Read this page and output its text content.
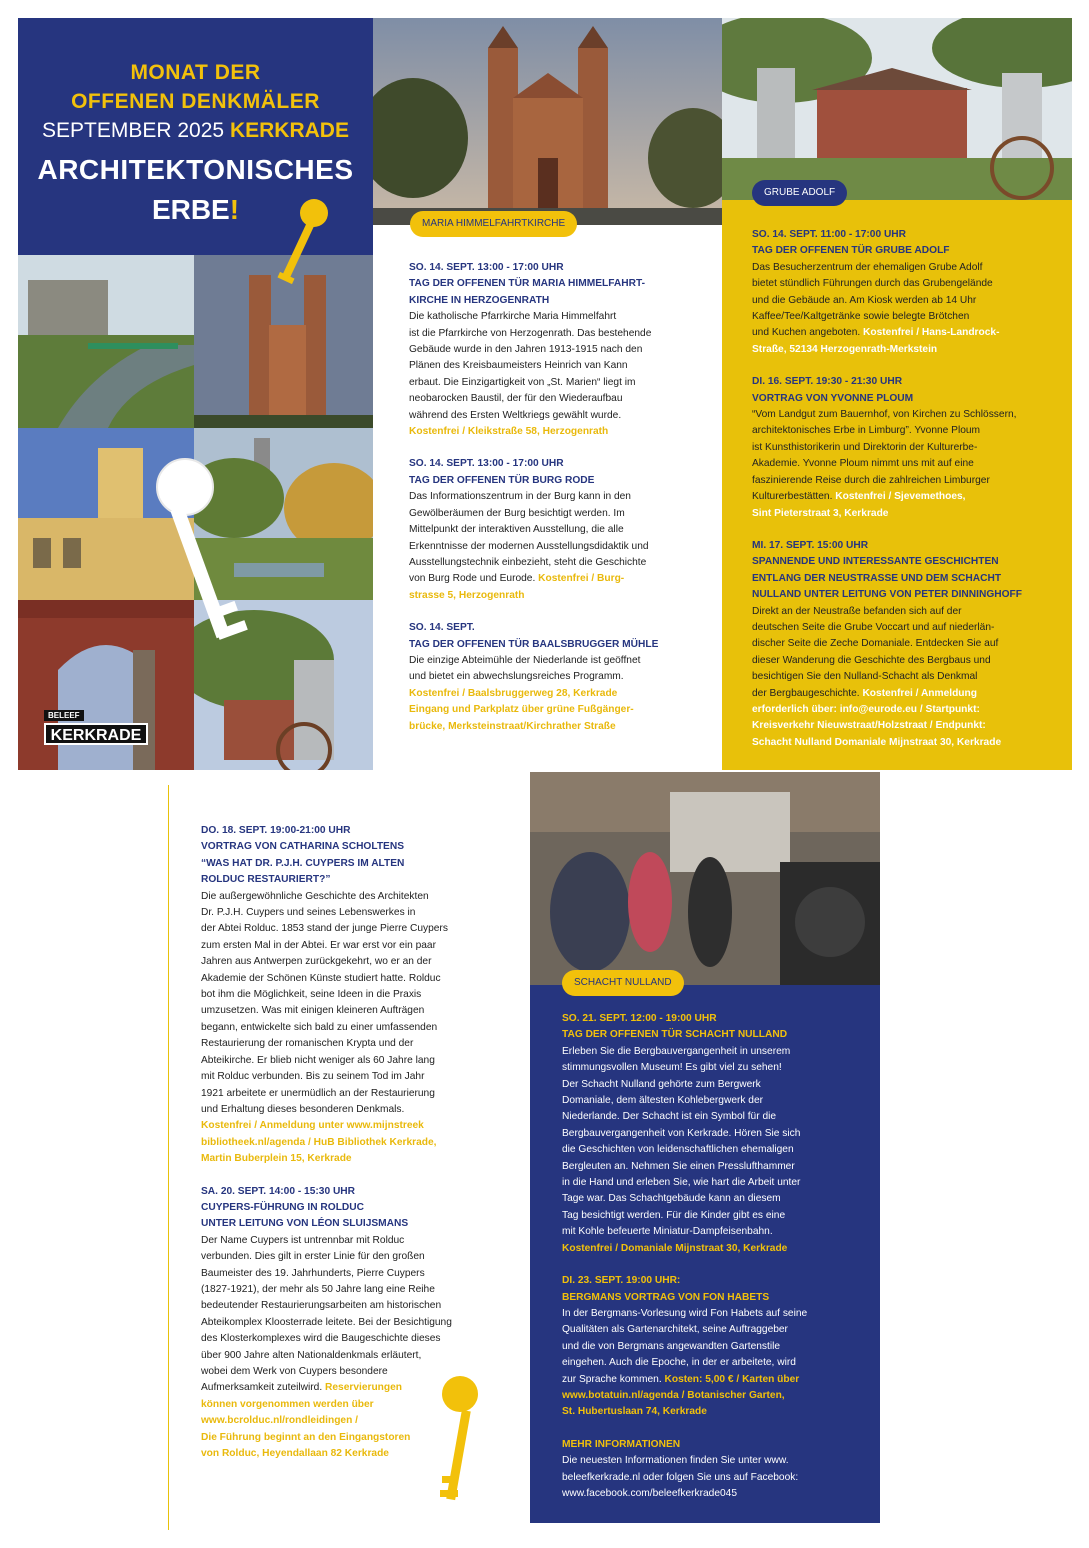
MONAT DER
OFFENEN DENKMÄLER
SEPTEMBER 2025 KERKRADE
ARCHITEKTONISCHES
ERBE!
BELEEF
KERKRADE
MARIA HIMMELFAHRTKIRCHE

SO. 14. SEPT. 13:00 - 17:00 UHR

TAG DER OFFENEN TÜR MARIA HIMMELFAHRT-

KIRCHE IN HERZOGENRATH

Die katholische Pfarrkirche Maria Himmelfahrt

ist die Pfarrkirche von Herzogenrath. Das bestehende

Gebäude wurde in den Jahren 1913-1915 nach den

Plänen des Kreisbaumeisters Heinrich van Kann

erbaut. Die Einzigartigkeit von „St. Marien“ liegt im

neobarocken Baustil, der für den Wiederaufbau

während des Ersten Weltkriegs gewählt wurde.

Kostenfrei / Kleikstraße 58, Herzogenrath

SO. 14. SEPT. 13:00 - 17:00 UHR

TAG DER OFFENEN TÜR BURG RODE

Das Informationszentrum in der Burg kann in den

Gewölberäumen der Burg besichtigt werden. Im

Mittelpunkt der interaktiven Ausstellung, die alle

Erkenntnisse der modernen Ausstellungsdidaktik und

Ausstellungstechnik einbezieht, steht die Geschichte

von Burg Rode und Eurode. Kostenfrei / Burg-

strasse 5, Herzogenrath

SO. 14. SEPT.

TAG DER OFFENEN TÜR BAALSBRUGGER MÜHLE

Die einzige Abteimühle der Niederlande ist geöffnet

und bietet ein abwechslungsreiches Programm.

Kostenfrei / Baalsbruggerweg 28, Kerkrade

Eingang und Parkplatz über grüne Fußgänger-

brücke, Merksteinstraat/Kirchrather Straße

GRUBE ADOLF

SO. 14. SEPT. 11:00 - 17:00 UHR

TAG DER OFFENEN TÜR GRUBE ADOLF

Das Besucherzentrum der ehemaligen Grube Adolf

bietet stündlich Führungen durch das Grubengelände

und die Gebäude an. Am Kiosk werden ab 14 Uhr

Kaffee/Tee/Kaltgetränke sowie belegte Brötchen

und Kuchen angeboten. Kostenfrei / Hans-Landrock-

Straße, 52134 Herzogenrath-Merkstein

DI. 16. SEPT. 19:30 - 21:30 UHR

VORTRAG VON YVONNE PLOUM

“Vom Landgut zum Bauernhof, von Kirchen zu Schlössern,

architektonisches Erbe in Limburg”. Yvonne Ploum

ist Kunsthistorikerin und Direktorin der Kulturerbe-

Akademie. Yvonne Ploum nimmt uns mit auf eine

faszinierende Reise durch die zahlreichen Limburger

Kulturerbestätten. Kostenfrei / Sjevemethoes,

Sint Pieterstraat 3, Kerkrade

MI. 17. SEPT. 15:00 UHR

SPANNENDE UND INTERESSANTE GESCHICHTEN

ENTLANG DER NEUSTRASSE UND DEM SCHACHT

NULLAND UNTER LEITUNG VON PETER DINNINGHOFF

Direkt an der Neustraße befanden sich auf der

deutschen Seite die Grube Voccart und auf niederlän-

discher Seite die Zeche Domaniale. Entdecken Sie auf

dieser Wanderung die Geschichte des Bergbaus und

besichtigen Sie den Nulland-Schacht als Denkmal

der Bergbaugeschichte. Kostenfrei / Anmeldung

erforderlich über: info@eurode.eu / Startpunkt:

Kreisverkehr Nieuwstraat/Holzstraat / Endpunkt:

Schacht Nulland Domaniale Mijnstraat 30, Kerkrade

DO. 18. SEPT. 19:00-21:00 UHR

VORTRAG VON CATHARINA SCHOLTENS

“WAS HAT DR. P.J.H. CUYPERS IM ALTEN

ROLDUC RESTAURIERT?”

Die außergewöhnliche Geschichte des Architekten

Dr. P.J.H. Cuypers und seines Lebenswerkes in

der Abtei Rolduc. 1853 stand der junge Pierre Cuypers

zum ersten Mal in der Abtei. Er war erst vor ein paar

Jahren aus Antwerpen zurückgekehrt, wo er an der

Akademie der Schönen Künste studiert hatte. Rolduc

bot ihm die Möglichkeit, seine Ideen in die Praxis

umzusetzen. Was mit einigen kleineren Aufträgen

begann, entwickelte sich bald zu einer umfassenden

Restaurierung der romanischen Krypta und der

Abteikirche. Er blieb nicht weniger als 60 Jahre lang

mit Rolduc verbunden. Bis zu seinem Tod im Jahr

1921 arbeitete er unermüdlich an der Restaurierung

und Erhaltung dieses besonderen Denkmals.

Kostenfrei / Anmeldung unter www.mijnstreek

bibliotheek.nl/agenda / HuB Bibliothek Kerkrade,

Martin Buberplein 15, Kerkrade

SA. 20. SEPT. 14:00 - 15:30 UHR

CUYPERS-FÜHRUNG IN ROLDUC

UNTER LEITUNG VON LÉON SLUIJSMANS

Der Name Cuypers ist untrennbar mit Rolduc

verbunden. Dies gilt in erster Linie für den großen

Baumeister des 19. Jahrhunderts, Pierre Cuypers

(1827-1921), der mehr als 50 Jahre lang eine Reihe

bedeutender Restaurierungsarbeiten am historischen

Abteikomplex Kloosterrade leitete. Bei der Besichtigung

des Klosterkomplexes wird die Baugeschichte dieses

über 900 Jahre alten Nationaldenkmals erläutert,

wobei dem Werk von Cuypers besondere

Aufmerksamkeit zuteilwird. Reservierungen

können vorgenommen werden über

www.bcrolduc.nl/rondleidingen /

Die Führung beginnt an den Eingangstoren

von Rolduc, Heyendallaan 82 Kerkrade

SCHACHT NULLAND

SO. 21. SEPT. 12:00 - 19:00 UHR

TAG DER OFFENEN TÜR SCHACHT NULLAND

Erleben Sie die Bergbauvergangenheit in unserem

stimmungsvollen Museum! Es gibt viel zu sehen!

Der Schacht Nulland gehörte zum Bergwerk

Domaniale, dem ältesten Kohlebergwerk der

Niederlande. Der Schacht ist ein Symbol für die

Bergbauvergangenheit von Kerkrade. Hören Sie sich

die Geschichten von leidenschaftlichen ehemaligen

Bergleuten an. Nehmen Sie einen Presslufthammer

in die Hand und erleben Sie, wie hart die Arbeit unter

Tage war. Das Schachtgebäude kann an diesem

Tag besichtigt werden. Für die Kinder gibt es eine

mit Kohle befeuerte Miniatur-Dampfeisenbahn.

Kostenfrei / Domaniale Mijnstraat 30, Kerkrade

DI. 23. SEPT. 19:00 UHR:

BERGMANS VORTRAG VON FON HABETS

In der Bergmans-Vorlesung wird Fon Habets auf seine

Qualitäten als Gartenarchitekt, seine Auftraggeber

und die von Bergmans angewandten Gartenstile

eingehen. Auch die Epoche, in der er arbeitete, wird

zur Sprache kommen. Kosten: 5,00 € / Karten über

www.botatuin.nl/agenda / Botanischer Garten,

St. Hubertuslaan 74, Kerkrade

MEHR INFORMATIONEN

Die neuesten Informationen finden Sie unter www.

beleefkerkrade.nl oder folgen Sie uns auf Facebook:

www.facebook.com/beleefkerkrade045
